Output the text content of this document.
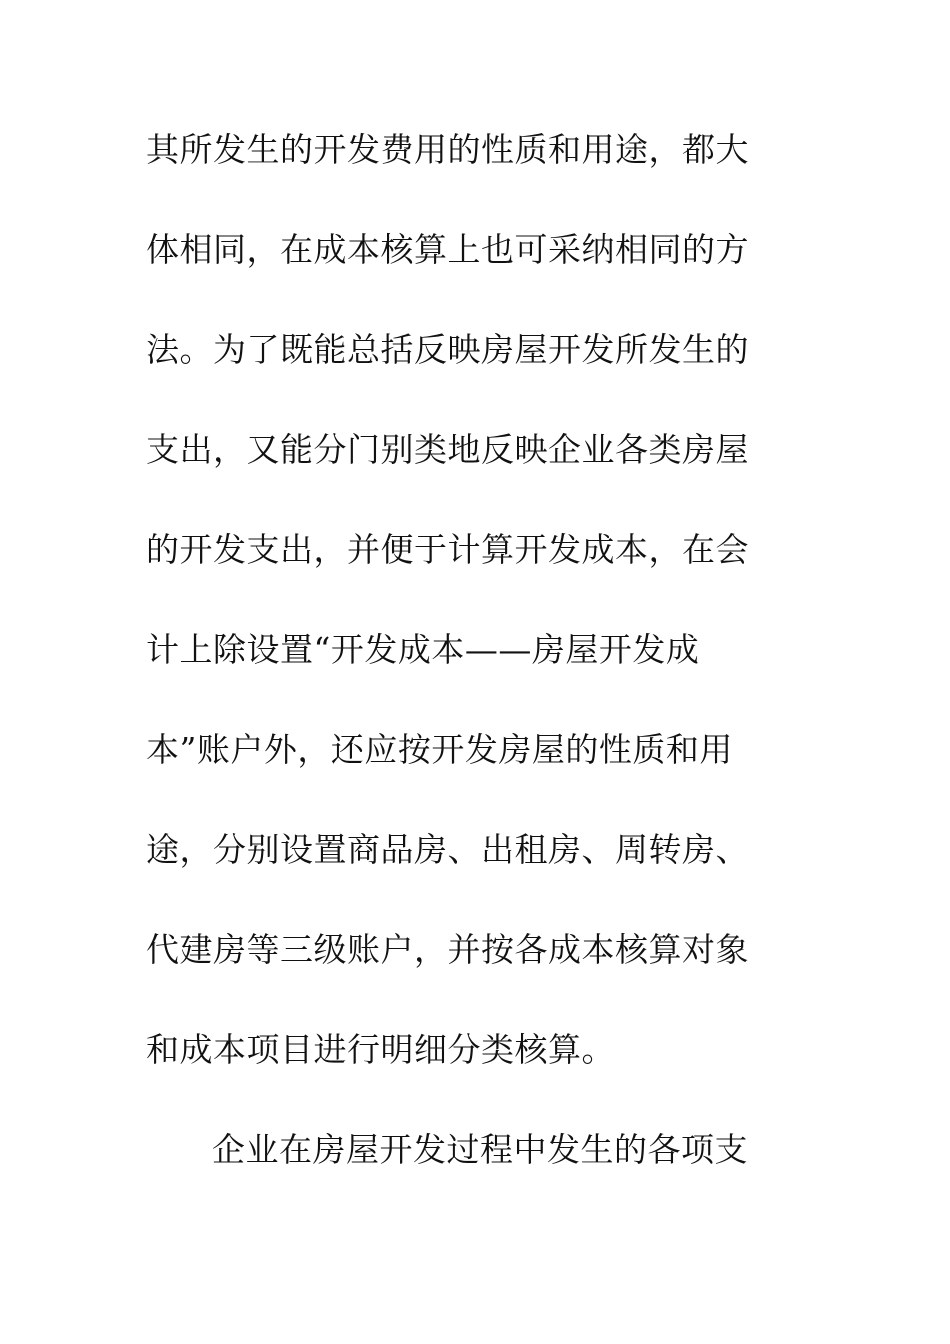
其所发生的开发费用的性质和用途，都大
体相同，在成本核算上也可采纳相同的方
法。为了既能总括反映房屋开发所发生的
支出，又能分门别类地反映企业各类房屋
的开发支出，并便于计算开发成本，在会
计上除设置“开发成本——房屋开发成
本”账户外，还应按开发房屋的性质和用
途，分别设置商品房、出租房、周转房、
代建房等三级账户，并按各成本核算对象
和成本项目进行明细分类核算。
企业在房屋开发过程中发生的各项支
